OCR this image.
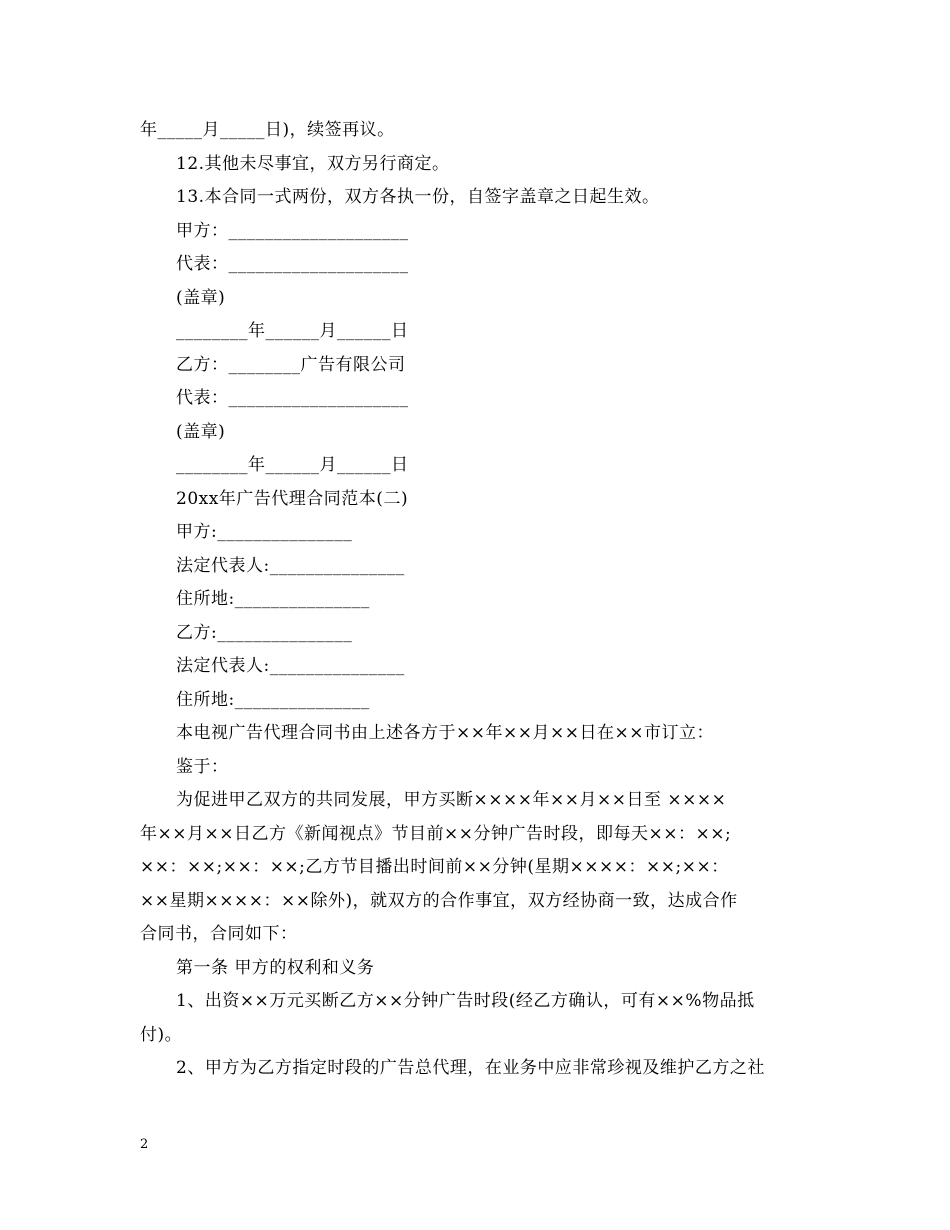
年_____月_____日)，续签再议。
12.其他未尽事宜，双方另行商定。
13.本合同一式两份，双方各执一份，自签字盖章之日起生效。
甲方：____________________
代表：____________________
(盖章)
________年______月______日
乙方：________广告有限公司
代表：____________________
(盖章)
________年______月______日
20xx年广告代理合同范本(二)
甲方:_______________
法定代表人:_______________
住所地:_______________
乙方:_______________
法定代表人:_______________
住所地:_______________
本电视广告代理合同书由上述各方于××年××月××日在××市订立：
鉴于：
为促进甲乙双方的共同发展，甲方买断××××年××月××日至 ××××
年××月××日乙方《新闻视点》节目前××分钟广告时段，即每天××：××;
××：××;××：××;乙方节目播出时间前××分钟(星期××××：××;××：
××星期××××：××除外)，就双方的合作事宜，双方经协商一致，达成合作
合同书，合同如下：
第一条 甲方的权利和义务
1、出资××万元买断乙方××分钟广告时段(经乙方确认，可有××%物品抵
付)。
2、甲方为乙方指定时段的广告总代理，在业务中应非常珍视及维护乙方之社
2
